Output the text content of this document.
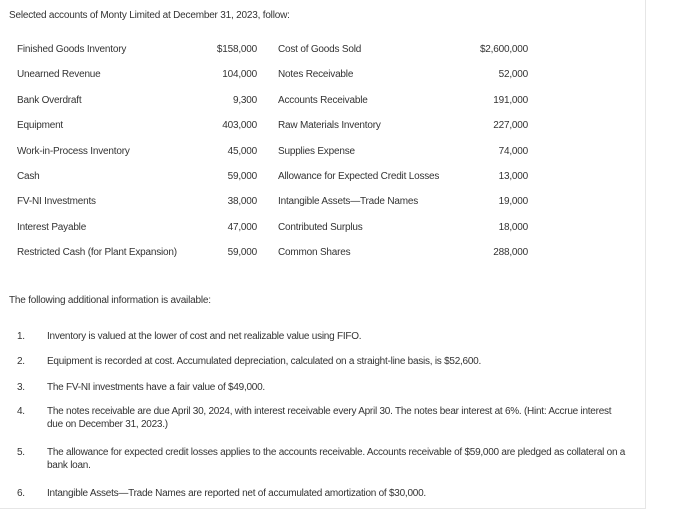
Selected accounts of Monty Limited at December 31, 2023, follow:
Finished Goods Inventory	$158,000 Cost of Goods Sold	$2,600,000
Unearned Revenue	104,000 Notes Receivable	52,000
Bank Overdraft	9,300 Accounts Receivable	191,000
Equipment	403,000 Raw Materials Inventory	227,000
Work-in-Process Inventory	45,000 Supplies Expense	74,000
Cash	59,000 Allowance for Expected Credit Losses	13,000
FV-NI Investments	38,000 Intangible Assets—Trade Names	19,000
Interest Payable	47,000 Contributed Surplus	18,000
Restricted Cash (for Plant Expansion)	59,000 Common Shares	288,000
The following additional information is available:
1. Inventory is valued at the lower of cost and net realizable value using FIFO.
2. Equipment is recorded at cost. Accumulated depreciation, calculated on a straight-line basis, is $52,600.
3. The FV-NI investments have a fair value of $49,000.
4. The notes receivable are due April 30, 2024, with interest receivable every April 30. The notes bear interest at 6%. (Hint: Accrue interest due on December 31, 2023.)
5. The allowance for expected credit losses applies to the accounts receivable. Accounts receivable of $59,000 are pledged as collateral on a bank loan.
6. Intangible Assets—Trade Names are reported net of accumulated amortization of $30,000.
